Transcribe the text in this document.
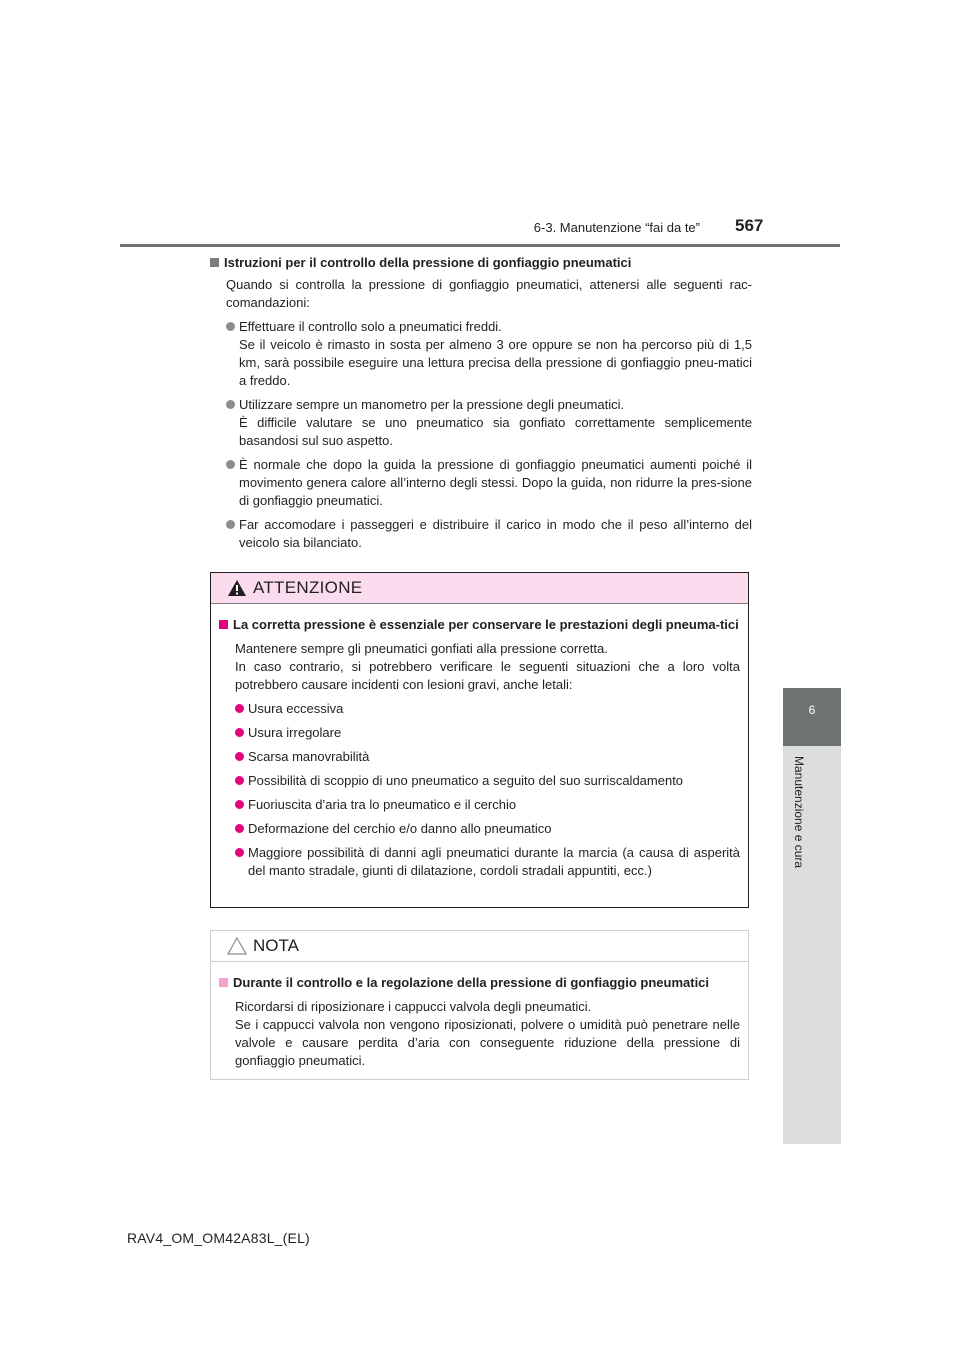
6-3. Manutenzione “fai da te” 567
6
Manutenzione e cura
Istruzioni per il controllo della pressione di gonfiaggio pneumatici

Quando si controlla la pressione di gonfiaggio pneumatici, attenersi alle seguenti rac-comandazioni:

Effettuare il controllo solo a pneumatici freddi.
Se il veicolo è rimasto in sosta per almeno 3 ore oppure se non ha percorso più di 1,5 km, sarà possibile eseguire una lettura precisa della pressione di gonfiaggio pneu-matici a freddo.
Utilizzare sempre un manometro per la pressione degli pneumatici.
È difficile valutare se uno pneumatico sia gonfiato correttamente semplicemente basandosi sul suo aspetto.
È normale che dopo la guida la pressione di gonfiaggio pneumatici aumenti poiché il movimento genera calore all’interno degli stessi. Dopo la guida, non ridurre la pres-sione di gonfiaggio pneumatici.
Far accomodare i passeggeri e distribuire il carico in modo che il peso all’interno del veicolo sia bilanciato.
ATTENZIONE
La corretta pressione è essenziale per conservare le prestazioni degli pneuma-tici

Mantenere sempre gli pneumatici gonfiati alla pressione corretta.
In caso contrario, si potrebbero verificare le seguenti situazioni che a loro volta potrebbero causare incidenti con lesioni gravi, anche letali:

Usura eccessiva
Usura irregolare
Scarsa manovrabilità
Possibilità di scoppio di uno pneumatico a seguito del suo surriscaldamento
Fuoriuscita d’aria tra lo pneumatico e il cerchio
Deformazione del cerchio e/o danno allo pneumatico
Maggiore possibilità di danni agli pneumatici durante la marcia (a causa di asperità del manto stradale, giunti di dilatazione, cordoli stradali appuntiti, ecc.)
NOTA
Durante il controllo e la regolazione della pressione di gonfiaggio pneumatici

Ricordarsi di riposizionare i cappucci valvola degli pneumatici.
Se i cappucci valvola non vengono riposizionati, polvere o umidità può penetrare nelle valvole e causare perdita d’aria con conseguente riduzione della pressione di gonfiaggio pneumatici.

RAV4_OM_OM42A83L_(EL)
